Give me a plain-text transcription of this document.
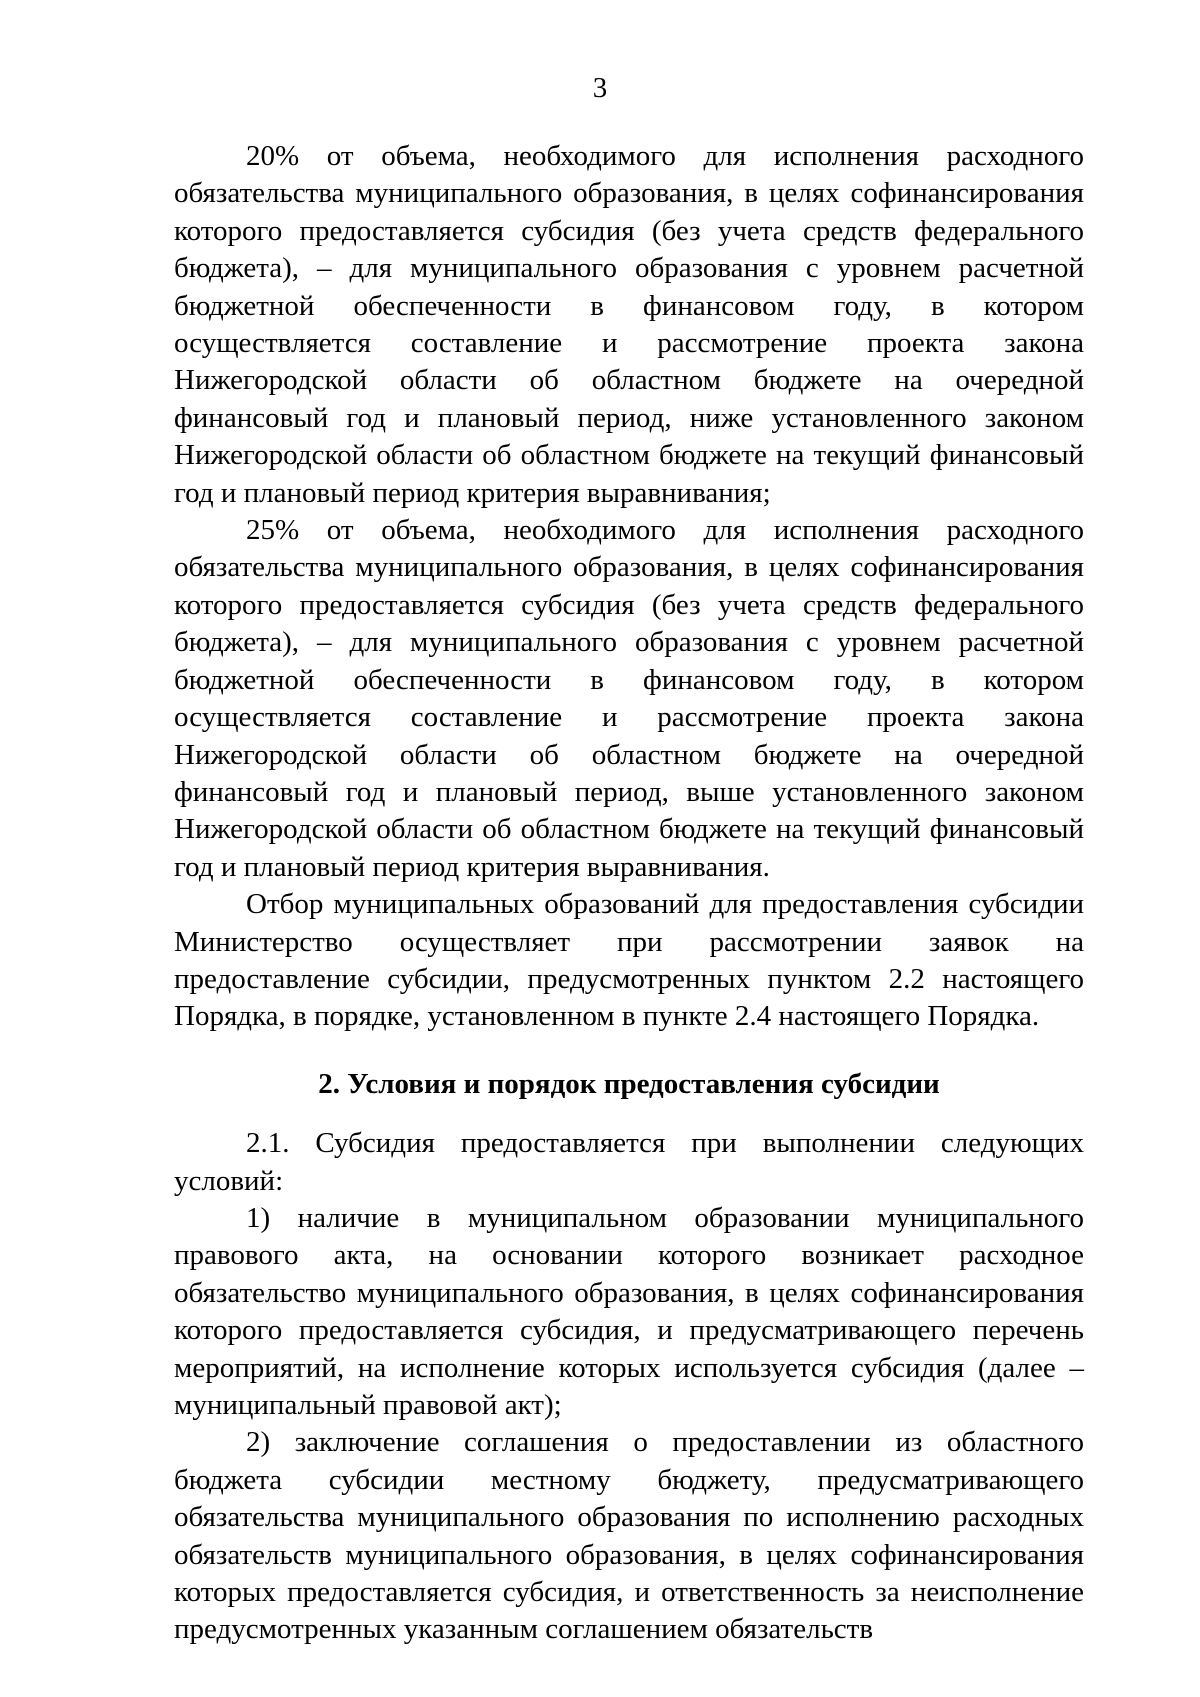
3

20% от объема, необходимого для исполнения расходного обязательства муниципального образования, в целях софинансирования которого предоставляется субсидия (без учета средств федерального бюджета), – для муниципального образования с уровнем расчетной бюджетной обеспеченности в финансовом году, в котором осуществляется составление и рассмотрение проекта закона Нижегородской области об областном бюджете на очередной финансовый год и плановый период, ниже установленного законом Нижегородской области об областном бюджете на текущий финансовый год и плановый период критерия выравнивания;

25% от объема, необходимого для исполнения расходного обязательства муниципального образования, в целях софинансирования которого предоставляется субсидия (без учета средств федерального бюджета), – для муниципального образования с уровнем расчетной бюджетной обеспеченности в финансовом году, в котором осуществляется составление и рассмотрение проекта закона Нижегородской области об областном бюджете на очередной финансовый год и плановый период, выше установленного законом Нижегородской области об областном бюджете на текущий финансовый год и плановый период критерия выравнивания.

Отбор муниципальных образований для предоставления субсидии Министерство осуществляет при рассмотрении заявок на предоставление субсидии, предусмотренных пунктом 2.2 настоящего Порядка, в порядке, установленном в пункте 2.4 настоящего Порядка.

2. Условия и порядок предоставления субсидии

2.1. Субсидия предоставляется при выполнении следующих условий:

1) наличие в муниципальном образовании муниципального правового акта, на основании которого возникает расходное обязательство муниципального образования, в целях софинансирования которого предоставляется субсидия, и предусматривающего перечень мероприятий, на исполнение которых используется субсидия (далее – муниципальный правовой акт);

2) заключение соглашения о предоставлении из областного бюджета субсидии местному бюджету, предусматривающего обязательства муниципального образования по исполнению расходных обязательств муниципального образования, в целях софинансирования которых предоставляется субсидия, и ответственность за неисполнение предусмотренных указанным соглашением обязательств
